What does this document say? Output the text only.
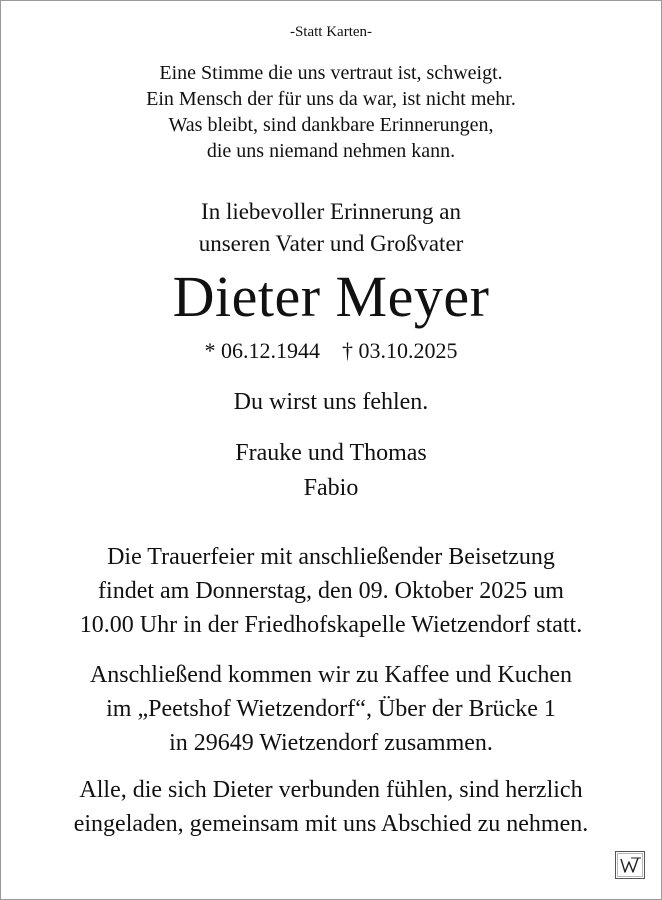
-Statt Karten-
Eine Stimme die uns vertraut ist, schweigt.
Ein Mensch der für uns da war, ist nicht mehr.
Was bleibt, sind dankbare Erinnerungen,
die uns niemand nehmen kann.
In liebevoller Erinnerung an
unseren Vater und Großvater
Dieter Meyer
* 06.12.1944 † 03.10.2025
Du wirst uns fehlen.
Frauke und Thomas
Fabio
Die Trauerfeier mit anschließender Beisetzung
findet am Donnerstag, den 09. Oktober 2025 um
10.00 Uhr in der Friedhofskapelle Wietzendorf statt.
Anschließend kommen wir zu Kaffee und Kuchen
im „Peetshof Wietzendorf“, Über der Brücke 1
in 29649 Wietzendorf zusammen.
Alle, die sich Dieter verbunden fühlen, sind herzlich
eingeladen, gemeinsam mit uns Abschied zu nehmen.
